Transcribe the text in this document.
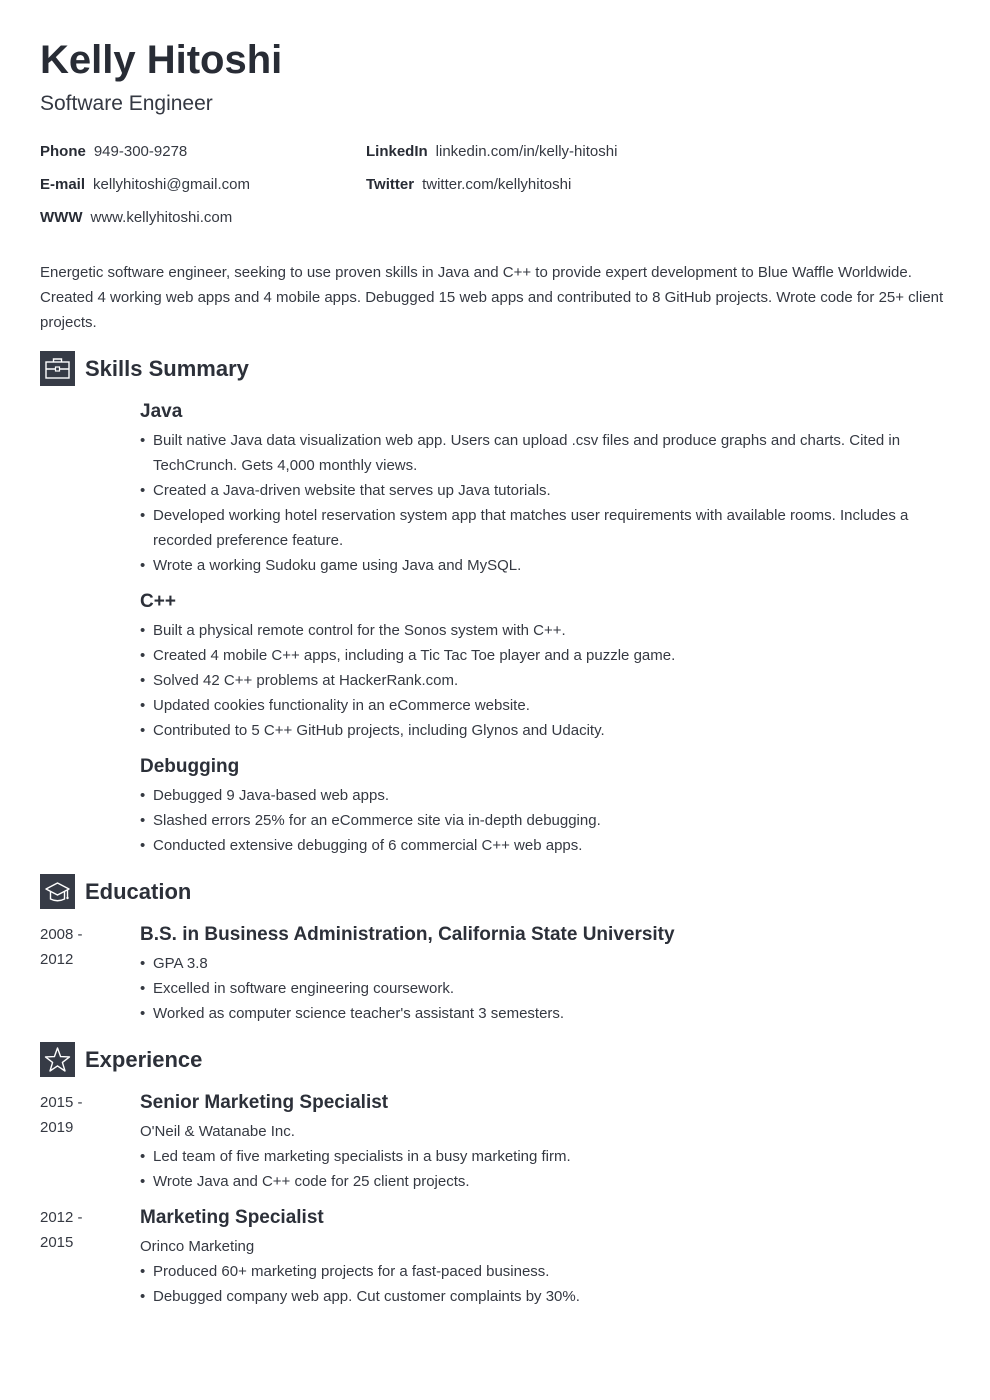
Kelly Hitoshi
Software Engineer
Phone 949-300-9278
E-mail kellyhitoshi@gmail.com
WWW www.kellyhitoshi.com
LinkedIn linkedin.com/in/kelly-hitoshi
Twitter twitter.com/kellyhitoshi
Energetic software engineer, seeking to use proven skills in Java and C++ to provide expert development to Blue Waffle Worldwide. Created 4 working web apps and 4 mobile apps. Debugged 15 web apps and contributed to 8 GitHub projects. Wrote code for 25+ client projects.
Skills Summary
Java
• Built native Java data visualization web app. Users can upload .csv files and produce graphs and charts. Cited in TechCrunch. Gets 4,000 monthly views.
• Created a Java-driven website that serves up Java tutorials.
• Developed working hotel reservation system app that matches user requirements with available rooms. Includes a recorded preference feature.
• Wrote a working Sudoku game using Java and MySQL.
C++
• Built a physical remote control for the Sonos system with C++.
• Created 4 mobile C++ apps, including a Tic Tac Toe player and a puzzle game.
• Solved 42 C++ problems at HackerRank.com.
• Updated cookies functionality in an eCommerce website.
• Contributed to 5 C++ GitHub projects, including Glynos and Udacity.
Debugging
• Debugged 9 Java-based web apps.
• Slashed errors 25% for an eCommerce site via in-depth debugging.
• Conducted extensive debugging of 6 commercial C++ web apps.
Education
2008 -
2012
B.S. in Business Administration, California State University
• GPA 3.8
• Excelled in software engineering coursework.
• Worked as computer science teacher's assistant 3 semesters.
Experience
2015 -
2019
Senior Marketing Specialist
O'Neil & Watanabe Inc.
• Led team of five marketing specialists in a busy marketing firm.
• Wrote Java and C++ code for 25 client projects.
2012 -
2015
Marketing Specialist
Orinco Marketing
• Produced 60+ marketing projects for a fast-paced business.
• Debugged company web app. Cut customer complaints by 30%.
